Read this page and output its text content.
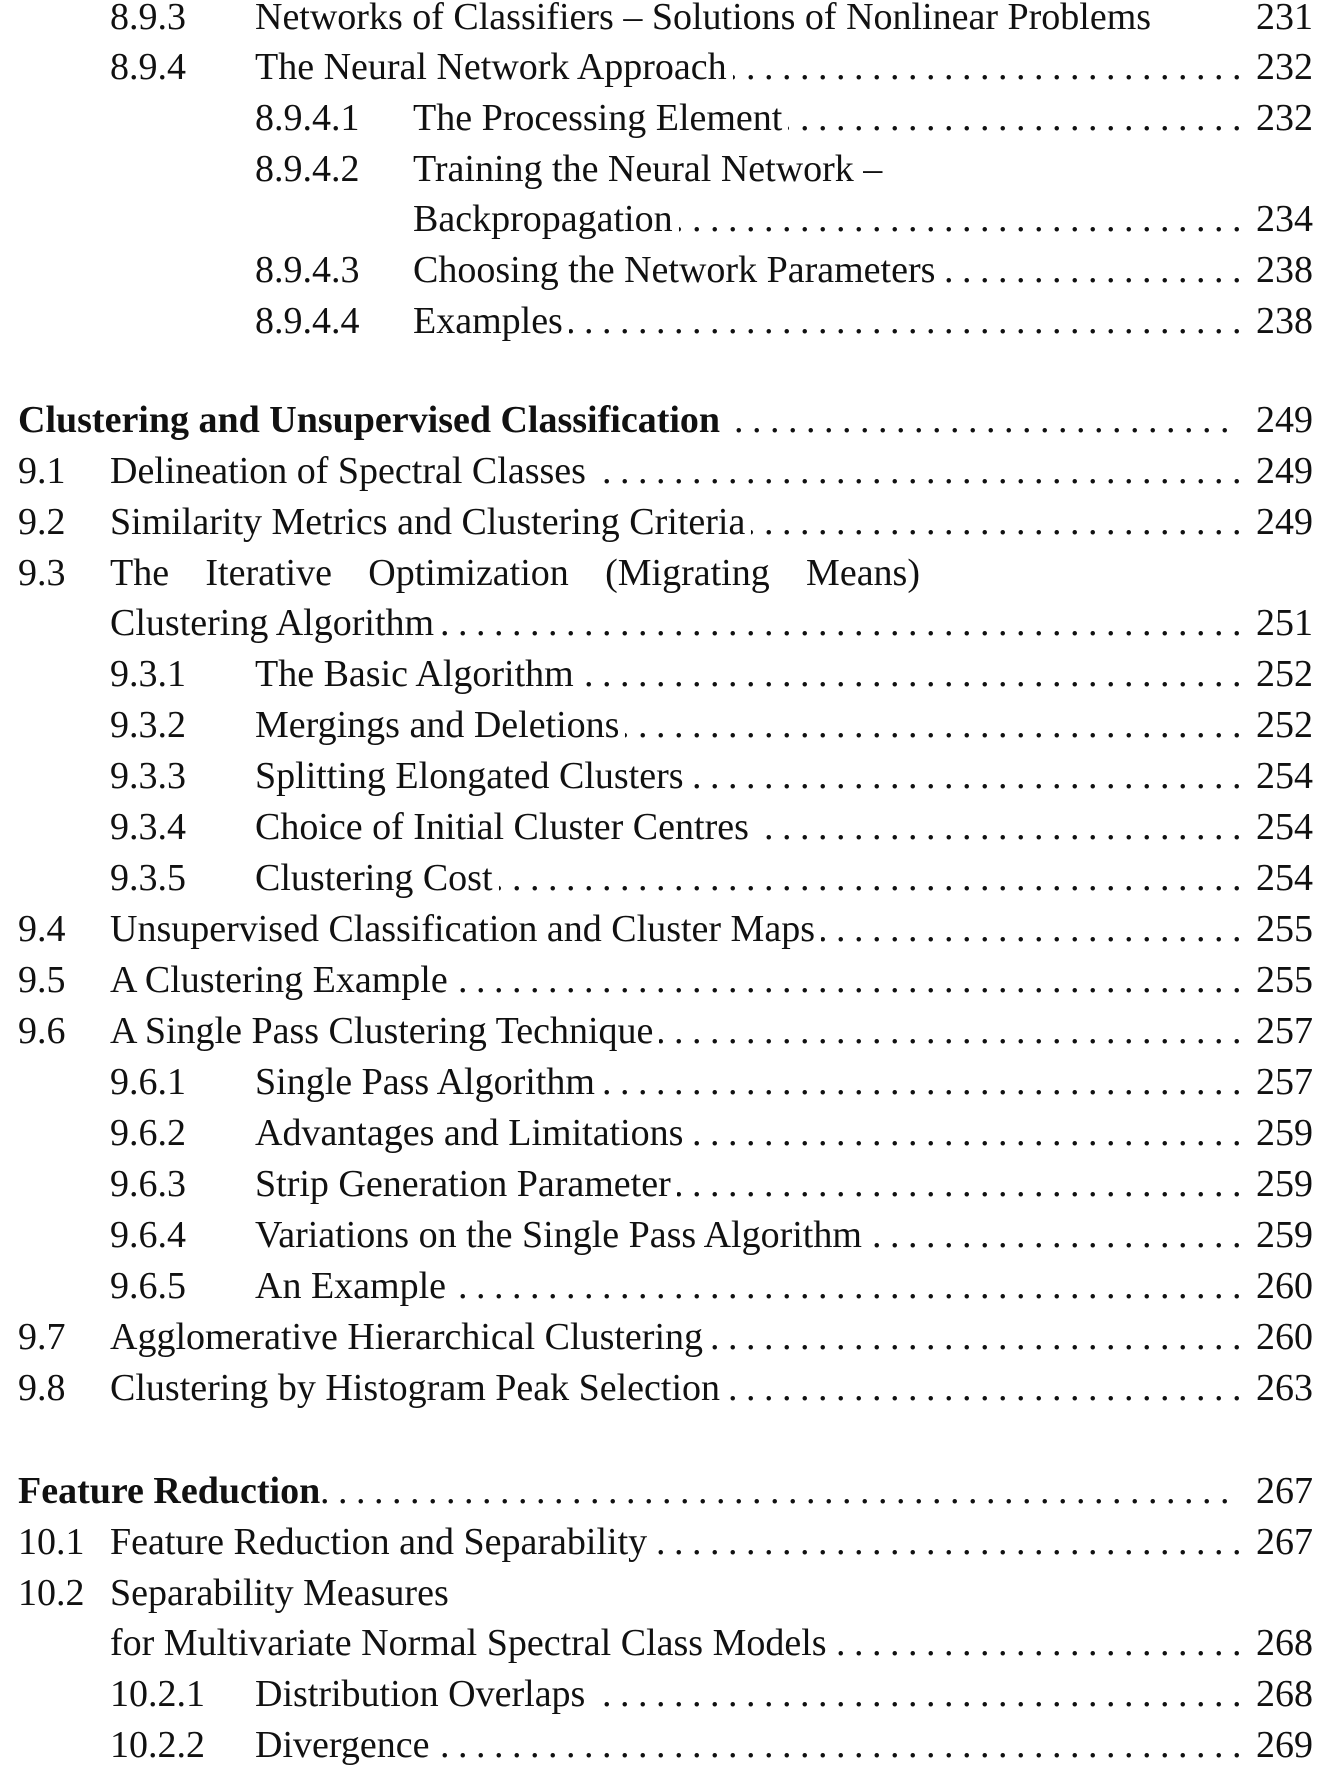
8.9.3 Networks of Classifiers – Solutions of Nonlinear Problems	231
8.9.4 The Neural Network Approach .....	232
8.9.4.1 The Processing Element .....	232
8.9.4.2 Training the Neural Network –
Backpropagation .....	234
8.9.4.3 Choosing the Network Parameters .....	238
8.9.4.4 Examples .....	238
Clustering and Unsupervised Classification .....	249
9.1 Delineation of Spectral Classes .....	249
9.2 Similarity Metrics and Clustering Criteria .....	249
9.3 The Iterative Optimization (Migrating Means)
Clustering Algorithm .....	251
9.3.1 The Basic Algorithm .....	252
9.3.2 Mergings and Deletions .....	252
9.3.3 Splitting Elongated Clusters .....	254
9.3.4 Choice of Initial Cluster Centres .....	254
9.3.5 Clustering Cost .....	254
9.4 Unsupervised Classification and Cluster Maps .....	255
9.5 A Clustering Example .....	255
9.6 A Single Pass Clustering Technique .....	257
9.6.1 Single Pass Algorithm .....	257
9.6.2 Advantages and Limitations .....	259
9.6.3 Strip Generation Parameter .....	259
9.6.4 Variations on the Single Pass Algorithm .....	259
9.6.5 An Example .....	260
9.7 Agglomerative Hierarchical Clustering .....	260
9.8 Clustering by Histogram Peak Selection .....	263
Feature Reduction .....	267
10.1 Feature Reduction and Separability .....	267
10.2 Separability Measures
for Multivariate Normal Spectral Class Models .....	268
10.2.1 Distribution Overlaps .....	268
10.2.2 Divergence .....	269
